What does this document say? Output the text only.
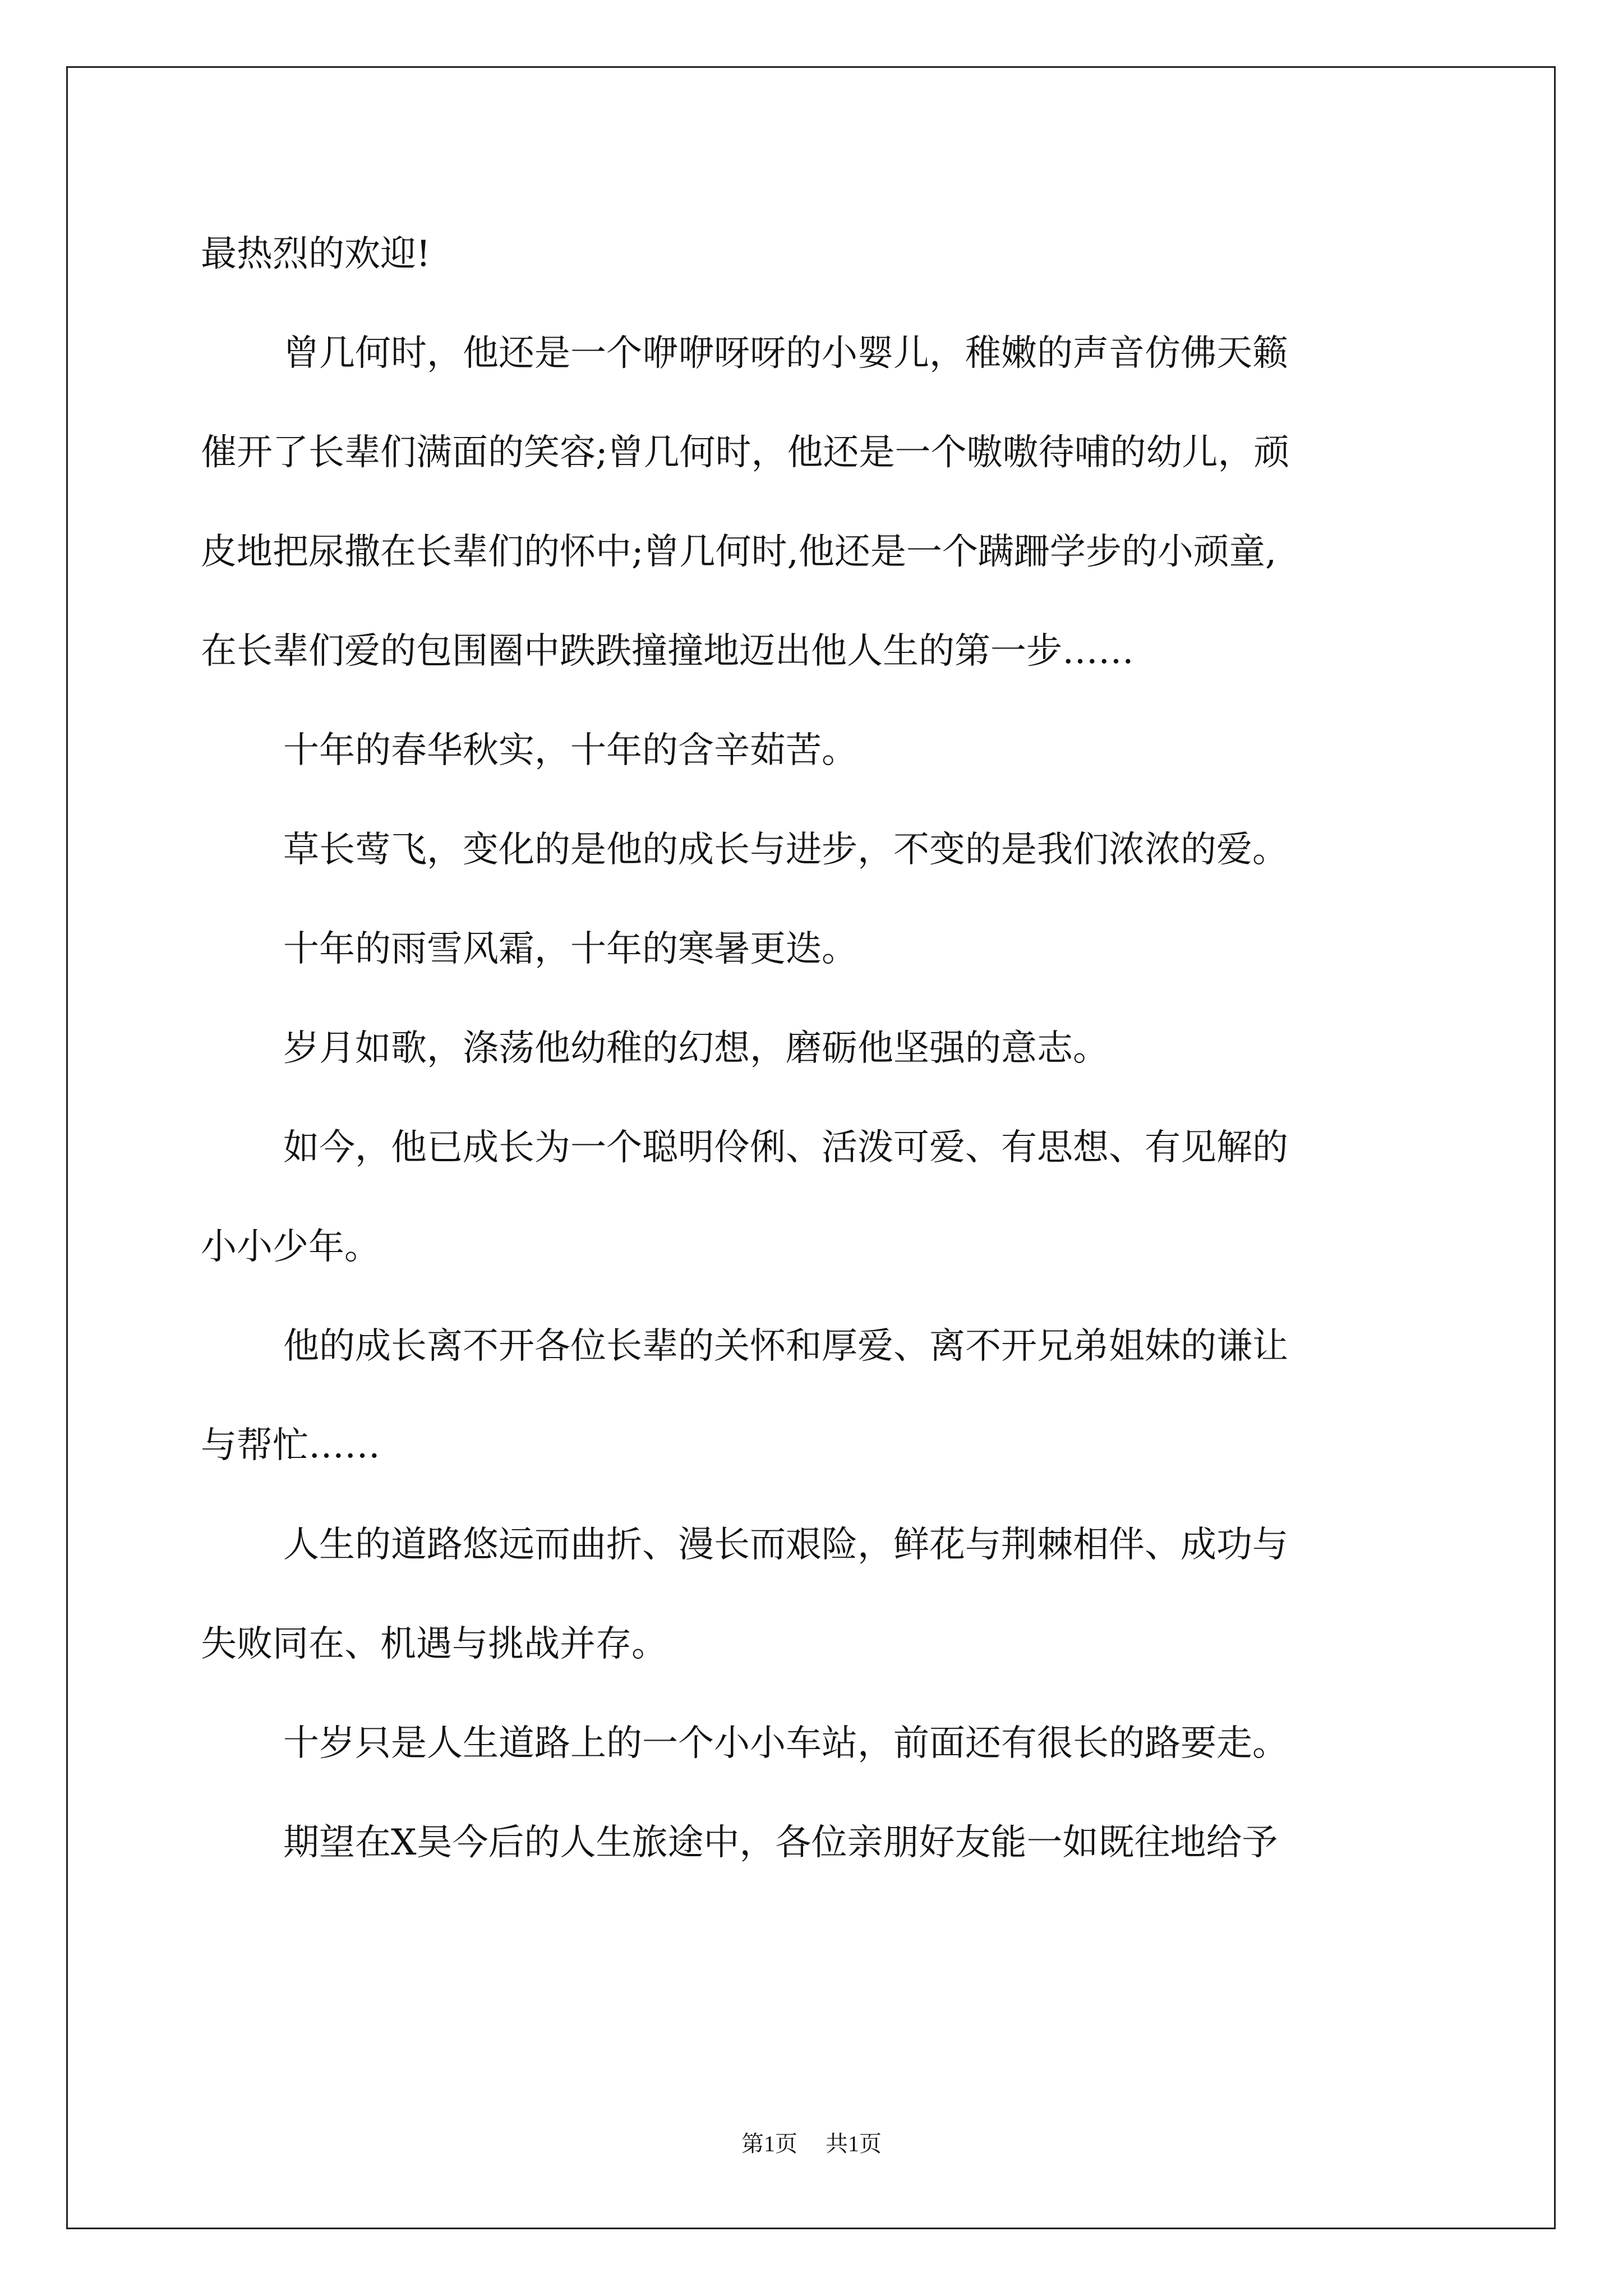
最热烈的欢迎!

曾几何时，他还是一个咿咿呀呀的小婴儿，稚嫩的声音仿佛天籁

催开了长辈们满面的笑容;曾几何时，他还是一个嗷嗷待哺的幼儿，顽

皮地把尿撒在长辈们的怀中;曾几何时,他还是一个蹒跚学步的小顽童,

在长辈们爱的包围圈中跌跌撞撞地迈出他人生的第一步……

十年的春华秋实，十年的含辛茹苦。

草长莺飞，变化的是他的成长与进步，不变的是我们浓浓的爱。

十年的雨雪风霜，十年的寒暑更迭。

岁月如歌，涤荡他幼稚的幻想，磨砺他坚强的意志。

如今，他已成长为一个聪明伶俐、活泼可爱、有思想、有见解的

小小少年。

他的成长离不开各位长辈的关怀和厚爱、离不开兄弟姐妹的谦让

与帮忙……

人生的道路悠远而曲折、漫长而艰险，鲜花与荆棘相伴、成功与

失败同在、机遇与挑战并存。

十岁只是人生道路上的一个小小车站，前面还有很长的路要走。

期望在X昊今后的人生旅途中，各位亲朋好友能一如既往地给予

第1页 共1页
